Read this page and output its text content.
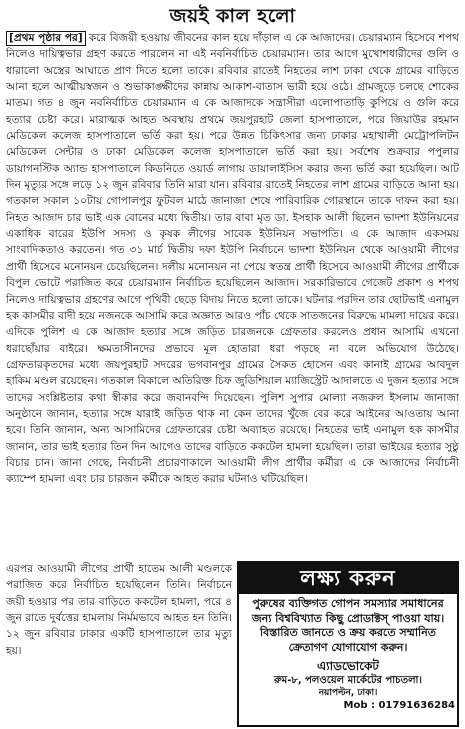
জয়ই কাল হলো

[প্রথম পৃষ্ঠার পর] করে বিজয়ী হওয়ায় জীবনের কাল হয়ে দাঁড়াল এ কে আজাদের। চেয়ারম্যান হিসেবে শপথ নিলেও দায়িত্বভার গ্রহণ করতে পারলেন না এই নবনির্বাচিত চেয়ারম্যান। তার আগে মুখোশধারীদের গুলি ও ধারালো অস্ত্রের আঘাতে প্রাণ দিতে হলো তাকে। রবিবার রাতেই নিহতের লাশ ঢাকা থেকে গ্রামের বাড়িতে আনা হলে আত্মীয়স্বজন ও শুভাকাঙ্ক্ষীদের কান্নায় আকাশ-বাতাস ভারী হয়ে ওঠে। গ্রামজুড়ে চলছে শোকের মাতম। গত ৪ জুন নবনির্বাচিত চেয়ারম্যান এ কে আজাদকে সন্ত্রাসীরা এলোপাতাড়ি কুপিয়ে ও গুলি করে হত্যার চেষ্টা করে। মারাত্মক আহত অবস্থায় প্রথমে জয়পুরহাট জেলা হাসপাতালে, পরে জিয়াউর রহমান মেডিকেল কলেজ হাসপাতালে ভর্তি করা হয়। পরে উন্নত চিকিৎসার জন্য ঢাকার মহাখালী মেট্রোপলিটন মেডিকেল সেন্টার ও ঢাকা মেডিকেল কলেজ হাসপাতালে ভর্তি করা হয়। সর্বশেষ শুক্রবার পপুলার ডায়াগনস্টিক অ্যান্ড হাসপাতালে কিডনিতে ওয়ার্ড লাগায় ডায়ালাইসিস করার জন্য ভর্তি করা হয়েছিল। আট দিন মৃত্যুর সঙ্গে লড়ে ১২ জুন রবিবার তিনি মারা যান। রবিবার রাতেই নিহতের লাশ গ্রামের বাড়িতে আনা হয়। গতকাল সকাল ১০টায় গোপালপুর ফুটবল মাঠে জানাজা শেষে পারিবারিক গোরস্থানে তাকে দাফন করা হয়। নিহত আজাদ চার ভাই এক বোনের মধ্যে দ্বিতীয়। তার বাবা মৃত ডা. ইসহাক আলী ছিলেন ভাদশা ইউনিয়নের একাধিক বারের ইউপি সদস্য ও কৃষক লীগের সাবেক ইউনিয়ন সভাপতি। এ কে আজাদ একসময় সাংবাদিকতাও করতেন। গত ৩১ মার্চ দ্বিতীয় দফা ইউপি নির্বাচনে ভাদশা ইউনিয়ন থেকে আওয়ামী লীগের প্রার্থী হিসেবে মনোনয়ন চেয়েছিলেন। দলীয় মনোনয়ন না পেয়ে স্বতন্ত্র প্রার্থী হিসেবে আওয়ামী লীগের প্রার্থীকে বিপুল ভোটে পরাজিত করে চেয়ারম্যান নির্বাচিত হয়েছিলেন আজাদ। সরকারিভাবে গেজেট প্রকাশ ও শপথ নিলেও দায়িত্বভার গ্রহণের আগে পৃথিবী ছেড়ে বিদায় নিতে হলো তাকে। ঘটনার পরদিন তার ছোটভাই এনামুল হক কাসমীর বাদী হয়ে নজনকে আসামি করে অজ্ঞাত আরও পাঁচ থেকে সাতজনের বিরুদ্ধে মামলা দায়ের করে। এদিকে পুলিশ এ কে আজাদ হত্যার সঙ্গে জড়িত চারজনকে গ্রেফতার করলেও প্রধান আসামি এখনো ধরাছোঁয়ার বাইরে। ক্ষমতাসীনদের প্রভাবে মূল হোতারা ধরা পড়ছে না বলে অভিযোগ উঠেছে। গ্রেফতারকৃতদের মধ্যে জয়পুরহাট সদরের ভগবানপুর গ্রামের সৈকত হোসেন এবং কানাই গ্রামের আবদুল হাকিম মণ্ডল রয়েছেন। গতকাল বিকালে অতিরিক্ত চিফ জুডিশিয়াল ম্যাজিস্ট্রেট আদালতে এ দুজন হত্যার সঙ্গে তাদের সংশ্লিষ্টতার কথা স্বীকার করে জবানবন্দি দিয়েছেন। পুলিশ সুপার মোল্যা নজরুল ইসলাম জানাজা অনুষ্ঠানে জানান, হত্যার সঙ্গে যারাই জড়িত থাক না কেন তাদের খুঁজে বের করে আইনের আওতায় আনা হবে। তিনি জানান, অন্য আসামিদের গ্রেফতারের চেষ্টা অব্যাহত রয়েছে। নিহতের ভাই এনামুল হক কাসমীর জানান, তার ভাই হত্যার তিন দিন আগেও তাদের বাড়িতে ককটেল হামলা হয়েছিল। তারা ভাইয়ের হত্যার সুষ্ঠু বিচার চান। জানা গেছে, নির্বাচনী প্রচারণাকালে আওয়ামী লীগ প্রার্থীর কর্মীরা এ কে আজাদের নির্বাচনী ক্যাম্পে হামলা এবং চার চারজন কর্মীকে আহত করার ঘটনাও ঘটিয়েছিল।

এরপর আওয়ামী লীগের প্রার্থী হাতেম আলী মণ্ডলকে পরাজিত করে নির্বাচিত হয়েছিলেন তিনি। নির্বাচনে জয়ী হওয়ার পর তার বাড়িতে ককটেল হামলা, পরে ৪ জুন রাতে দুর্বত্তের হামলায় নির্মমভাবে আহত হন তিনি। ১২ জুন রবিবার ঢাকার একটি হাসপাতালে তার মৃত্যু হয়।
লক্ষ্য করুন
পুরুষের ব্যক্তিগত গোপন সমস্যার সমাধানের জন্য বিশ্ববিখ্যাত কিছু প্রোডাক্টস্ পাওয়া যায়। বিস্তারিত জানতে ও ক্রয় করতে সম্মানিত ক্রেতাগণ যোগাযোগ করুন।
এ্যাডভোকেট
রুম-৮, পলওয়েল মার্কেটের পাচতলা।
নয়াপল্টন, ঢাকা।
Mob : 01791636284
